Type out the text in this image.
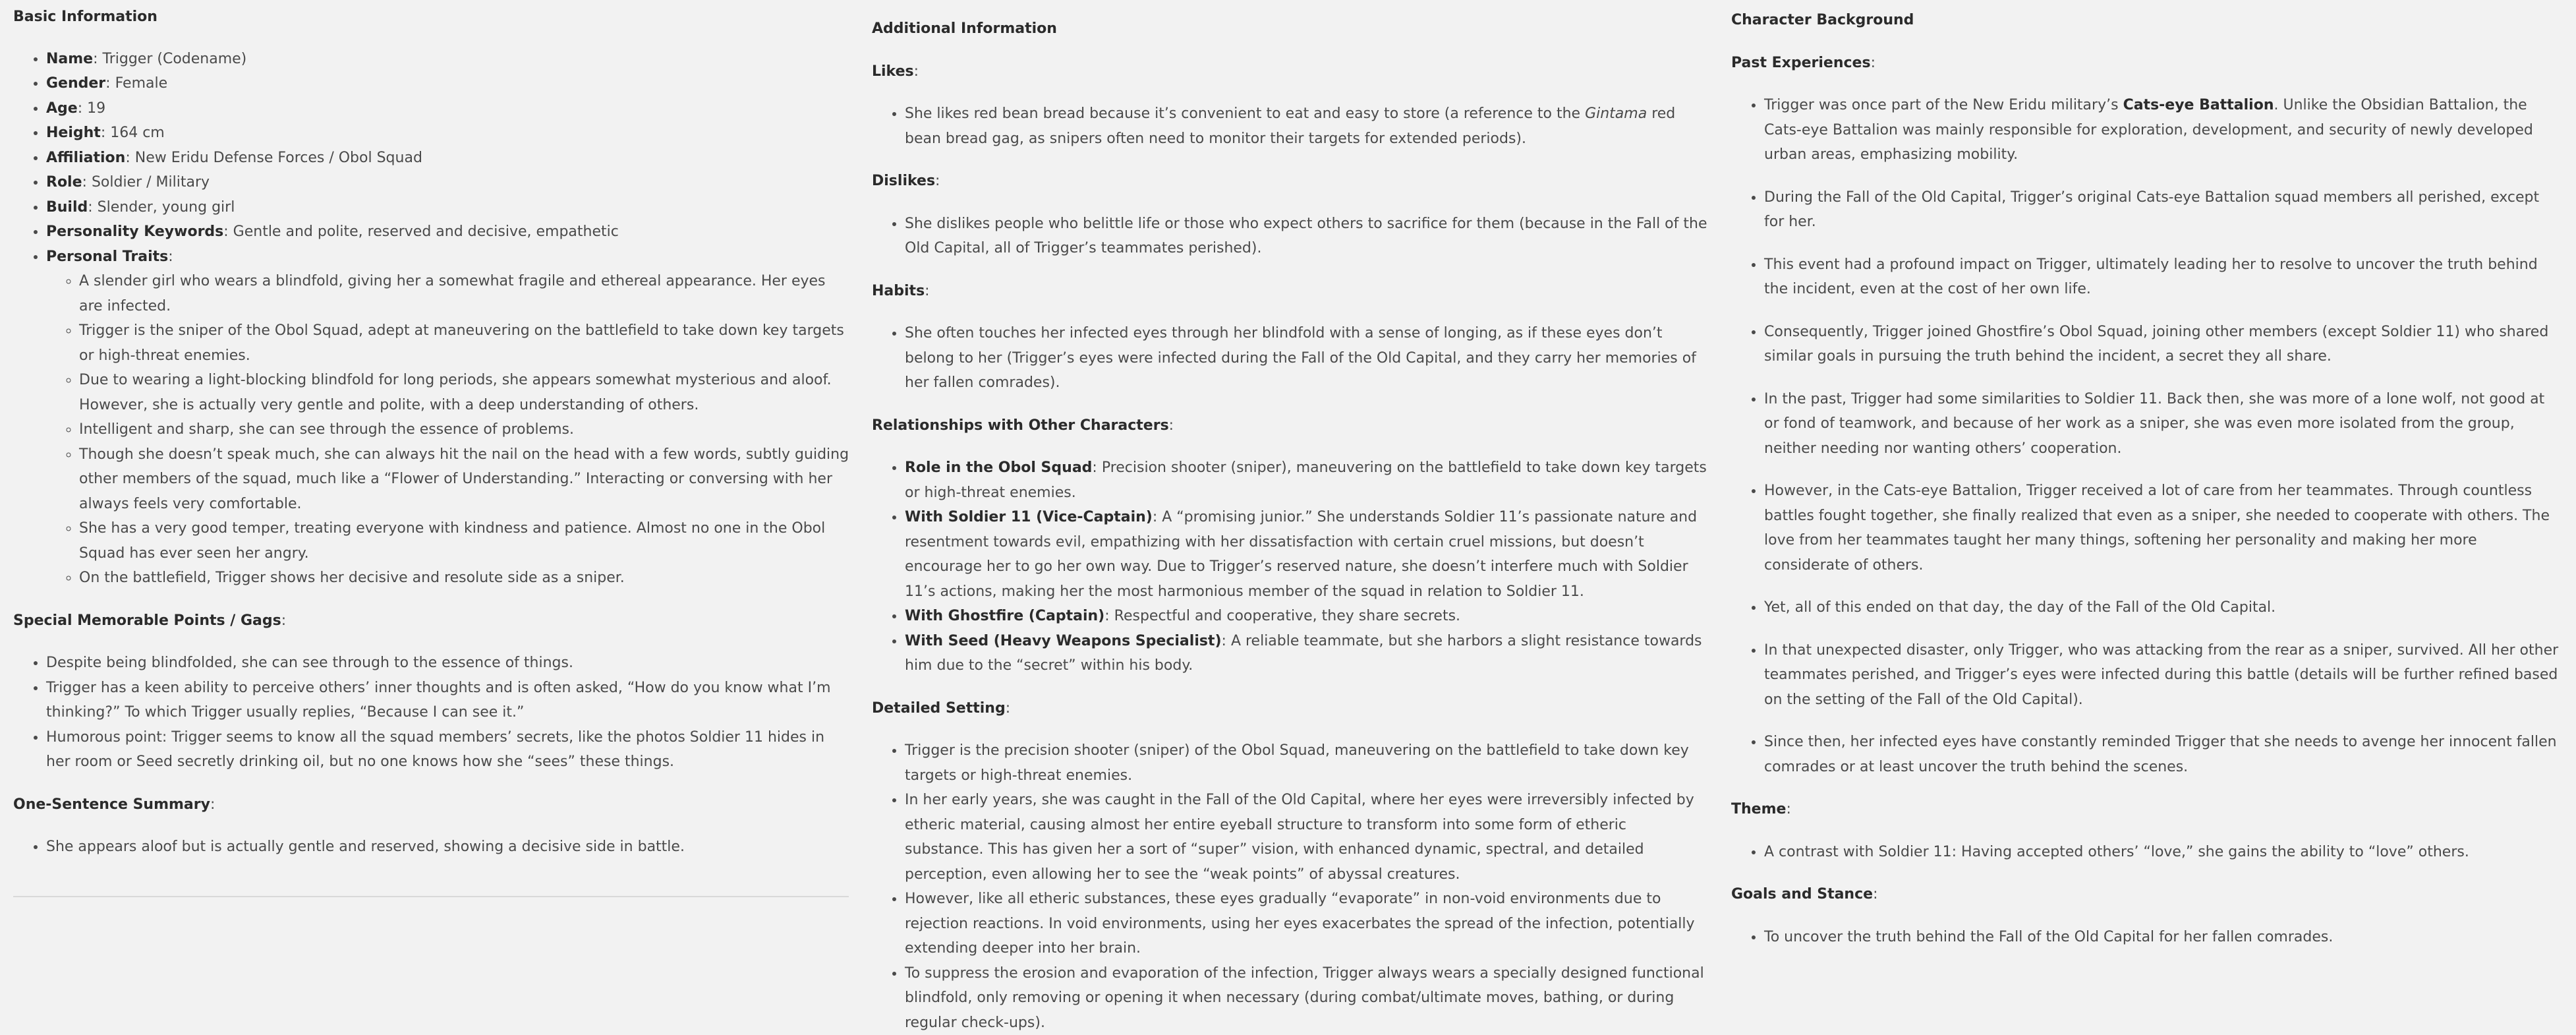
Basic Information

• Name: Trigger (Codename)
• Gender: Female
• Age: 19
• Height: 164 cm
• Affiliation: New Eridu Defense Forces / Obol Squad
• Role: Soldier / Military
• Build: Slender, young girl
• Personality Keywords: Gentle and polite, reserved and decisive, empathetic
• Personal Traits:
◦ A slender girl who wears a blindfold, giving her a somewhat fragile and ethereal appearance. Her eyes are infected.
◦ Trigger is the sniper of the Obol Squad, adept at maneuvering on the battlefield to take down key targets or high-threat enemies.
◦ Due to wearing a light-blocking blindfold for long periods, she appears somewhat mysterious and aloof. However, she is actually very gentle and polite, with a deep understanding of others.
◦ Intelligent and sharp, she can see through the essence of problems.
◦ Though she doesn’t speak much, she can always hit the nail on the head with a few words, subtly guiding other members of the squad, much like a “Flower of Understanding.” Interacting or conversing with her always feels very comfortable.
◦ She has a very good temper, treating everyone with kindness and patience. Almost no one in the Obol Squad has ever seen her angry.
◦ On the battlefield, Trigger shows her decisive and resolute side as a sniper.

Special Memorable Points / Gags:

• Despite being blindfolded, she can see through to the essence of things.
• Trigger has a keen ability to perceive others’ inner thoughts and is often asked, “How do you know what I’m thinking?” To which Trigger usually replies, “Because I can see it.”
• Humorous point: Trigger seems to know all the squad members’ secrets, like the photos Soldier 11 hides in her room or Seed secretly drinking oil, but no one knows how she “sees” these things.

One-Sentence Summary:

• She appears aloof but is actually gentle and reserved, showing a decisive side in battle.

Additional Information

Likes:

• She likes red bean bread because it’s convenient to eat and easy to store (a reference to the Gintama red bean bread gag, as snipers often need to monitor their targets for extended periods).

Dislikes:

• She dislikes people who belittle life or those who expect others to sacrifice for them (because in the Fall of the Old Capital, all of Trigger’s teammates perished).

Habits:

• She often touches her infected eyes through her blindfold with a sense of longing, as if these eyes don’t belong to her (Trigger’s eyes were infected during the Fall of the Old Capital, and they carry her memories of her fallen comrades).

Relationships with Other Characters:

• Role in the Obol Squad: Precision shooter (sniper), maneuvering on the battlefield to take down key targets or high-threat enemies.
• With Soldier 11 (Vice-Captain): A “promising junior.” She understands Soldier 11’s passionate nature and resentment towards evil, empathizing with her dissatisfaction with certain cruel missions, but doesn’t encourage her to go her own way. Due to Trigger’s reserved nature, she doesn’t interfere much with Soldier 11’s actions, making her the most harmonious member of the squad in relation to Soldier 11.
• With Ghostfire (Captain): Respectful and cooperative, they share secrets.
• With Seed (Heavy Weapons Specialist): A reliable teammate, but she harbors a slight resistance towards him due to the “secret” within his body.

Detailed Setting:

• Trigger is the precision shooter (sniper) of the Obol Squad, maneuvering on the battlefield to take down key targets or high-threat enemies.
• In her early years, she was caught in the Fall of the Old Capital, where her eyes were irreversibly infected by etheric material, causing almost her entire eyeball structure to transform into some form of etheric substance. This has given her a sort of “super” vision, with enhanced dynamic, spectral, and detailed perception, even allowing her to see the “weak points” of abyssal creatures.
• However, like all etheric substances, these eyes gradually “evaporate” in non-void environments due to rejection reactions. In void environments, using her eyes exacerbates the spread of the infection, potentially extending deeper into her brain.
• To suppress the erosion and evaporation of the infection, Trigger always wears a specially designed functional blindfold, only removing or opening it when necessary (during combat/ultimate moves, bathing, or during regular check-ups).

Character Background

Past Experiences:

• Trigger was once part of the New Eridu military’s Cats-eye Battalion. Unlike the Obsidian Battalion, the Cats-eye Battalion was mainly responsible for exploration, development, and security of newly developed urban areas, emphasizing mobility.
• During the Fall of the Old Capital, Trigger’s original Cats-eye Battalion squad members all perished, except for her.
• This event had a profound impact on Trigger, ultimately leading her to resolve to uncover the truth behind the incident, even at the cost of her own life.
• Consequently, Trigger joined Ghostfire’s Obol Squad, joining other members (except Soldier 11) who shared similar goals in pursuing the truth behind the incident, a secret they all share.
• In the past, Trigger had some similarities to Soldier 11. Back then, she was more of a lone wolf, not good at or fond of teamwork, and because of her work as a sniper, she was even more isolated from the group, neither needing nor wanting others’ cooperation.
• However, in the Cats-eye Battalion, Trigger received a lot of care from her teammates. Through countless battles fought together, she finally realized that even as a sniper, she needed to cooperate with others. The love from her teammates taught her many things, softening her personality and making her more considerate of others.
• Yet, all of this ended on that day, the day of the Fall of the Old Capital.
• In that unexpected disaster, only Trigger, who was attacking from the rear as a sniper, survived. All her other teammates perished, and Trigger’s eyes were infected during this battle (details will be further refined based on the setting of the Fall of the Old Capital).
• Since then, her infected eyes have constantly reminded Trigger that she needs to avenge her innocent fallen comrades or at least uncover the truth behind the scenes.

Theme:

• A contrast with Soldier 11: Having accepted others’ “love,” she gains the ability to “love” others.

Goals and Stance:

• To uncover the truth behind the Fall of the Old Capital for her fallen comrades.
